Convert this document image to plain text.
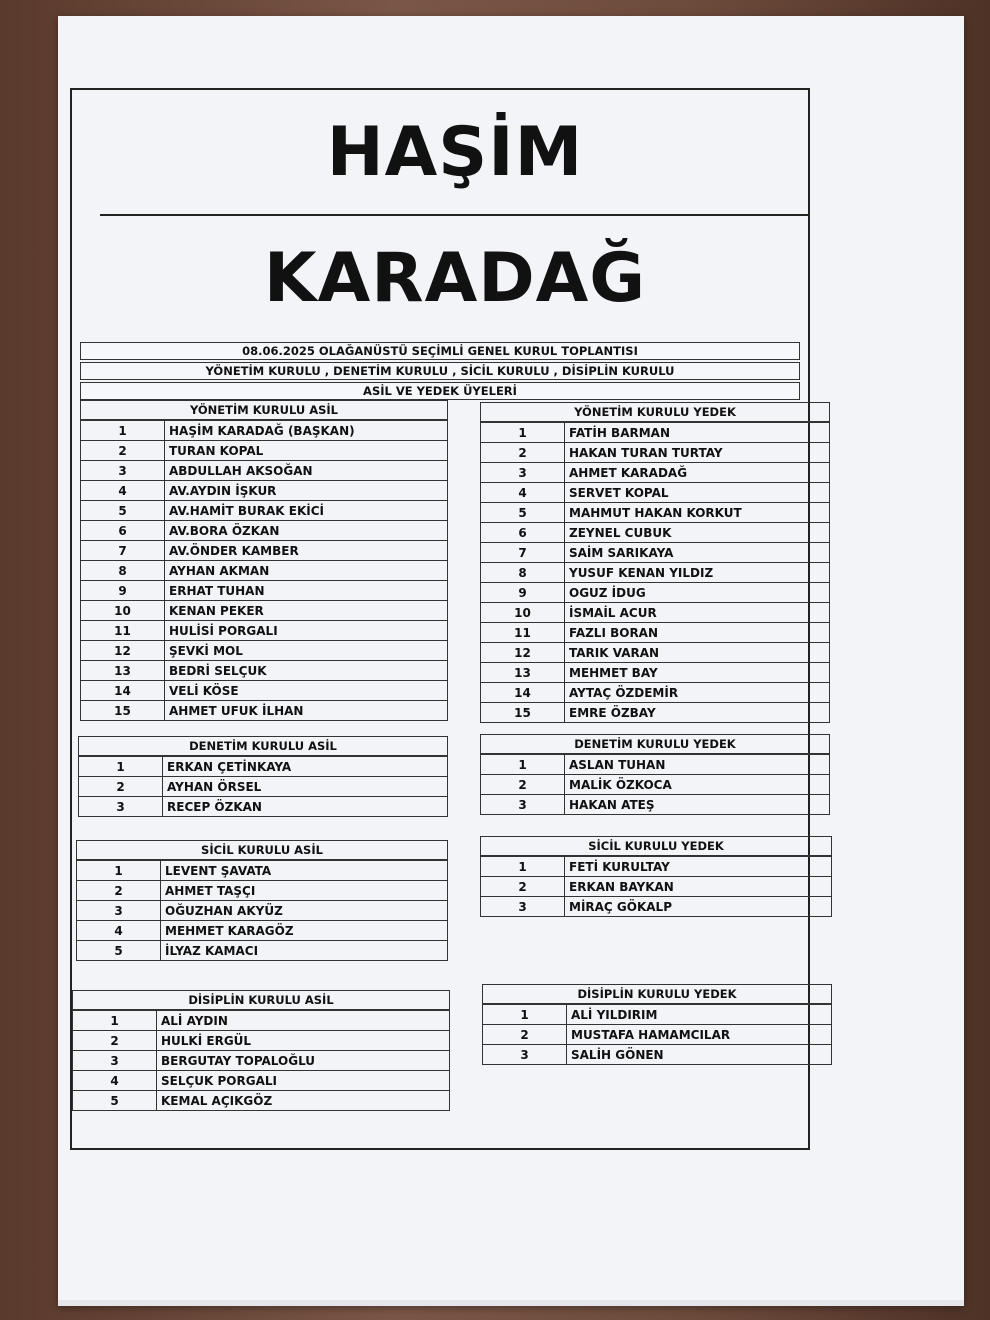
HAŞİM
KARADAĞ
08.06.2025 OLAĞANÜSTÜ SEÇİMLİ GENEL KURUL TOPLANTISI
YÖNETİM KURULU , DENETİM KURULU , SİCİL KURULU , DİSİPLİN KURULU
ASİL VE YEDEK ÜYELERİ
YÖNETİM KURULU ASİL
1	HAŞİM KARADAĞ (BAŞKAN)
2	TURAN KOPAL
3	ABDULLAH AKSOĞAN
4	AV.AYDIN İŞKUR
5	AV.HAMİT BURAK EKİCİ
6	AV.BORA ÖZKAN
7	AV.ÖNDER KAMBER
8	AYHAN AKMAN
9	ERHAT TUHAN
10	KENAN PEKER
11	HULİSİ PORGALI
12	ŞEVKİ MOL
13	BEDRİ SELÇUK
14	VELİ KÖSE
15	AHMET UFUK İLHAN
YÖNETİM KURULU YEDEK
1	FATİH BARMAN
2	HAKAN TURAN TURTAY
3	AHMET KARADAĞ
4	SERVET KOPAL
5	MAHMUT HAKAN KORKUT
6	ZEYNEL CUBUK
7	SAİM SARIKAYA
8	YUSUF KENAN YILDIZ
9	OGUZ İDUG
10	İSMAİL ACUR
11	FAZLI BORAN
12	TARIK VARAN
13	MEHMET BAY
14	AYTAÇ ÖZDEMİR
15	EMRE ÖZBAY
DENETİM KURULU ASİL
1	ERKAN ÇETİNKAYA
2	AYHAN ÖRSEL
3	RECEP ÖZKAN
DENETİM KURULU YEDEK
1	ASLAN TUHAN
2	MALİK ÖZKOCA
3	HAKAN ATEŞ
SİCİL KURULU ASİL
1	LEVENT ŞAVATA
2	AHMET TAŞÇI
3	OĞUZHAN AKYÜZ
4	MEHMET KARAGÖZ
5	İLYAZ KAMACI
SİCİL KURULU YEDEK
1	FETİ KURULTAY
2	ERKAN BAYKAN
3	MİRAÇ GÖKALP
DİSİPLİN KURULU ASİL
1	ALİ AYDIN
2	HULKİ ERGÜL
3	BERGUTAY TOPALOĞLU
4	SELÇUK PORGALI
5	KEMAL AÇIKGÖZ
DİSİPLİN KURULU YEDEK
1	ALİ YILDIRIM
2	MUSTAFA HAMAMCILAR
3	SALİH GÖNEN
